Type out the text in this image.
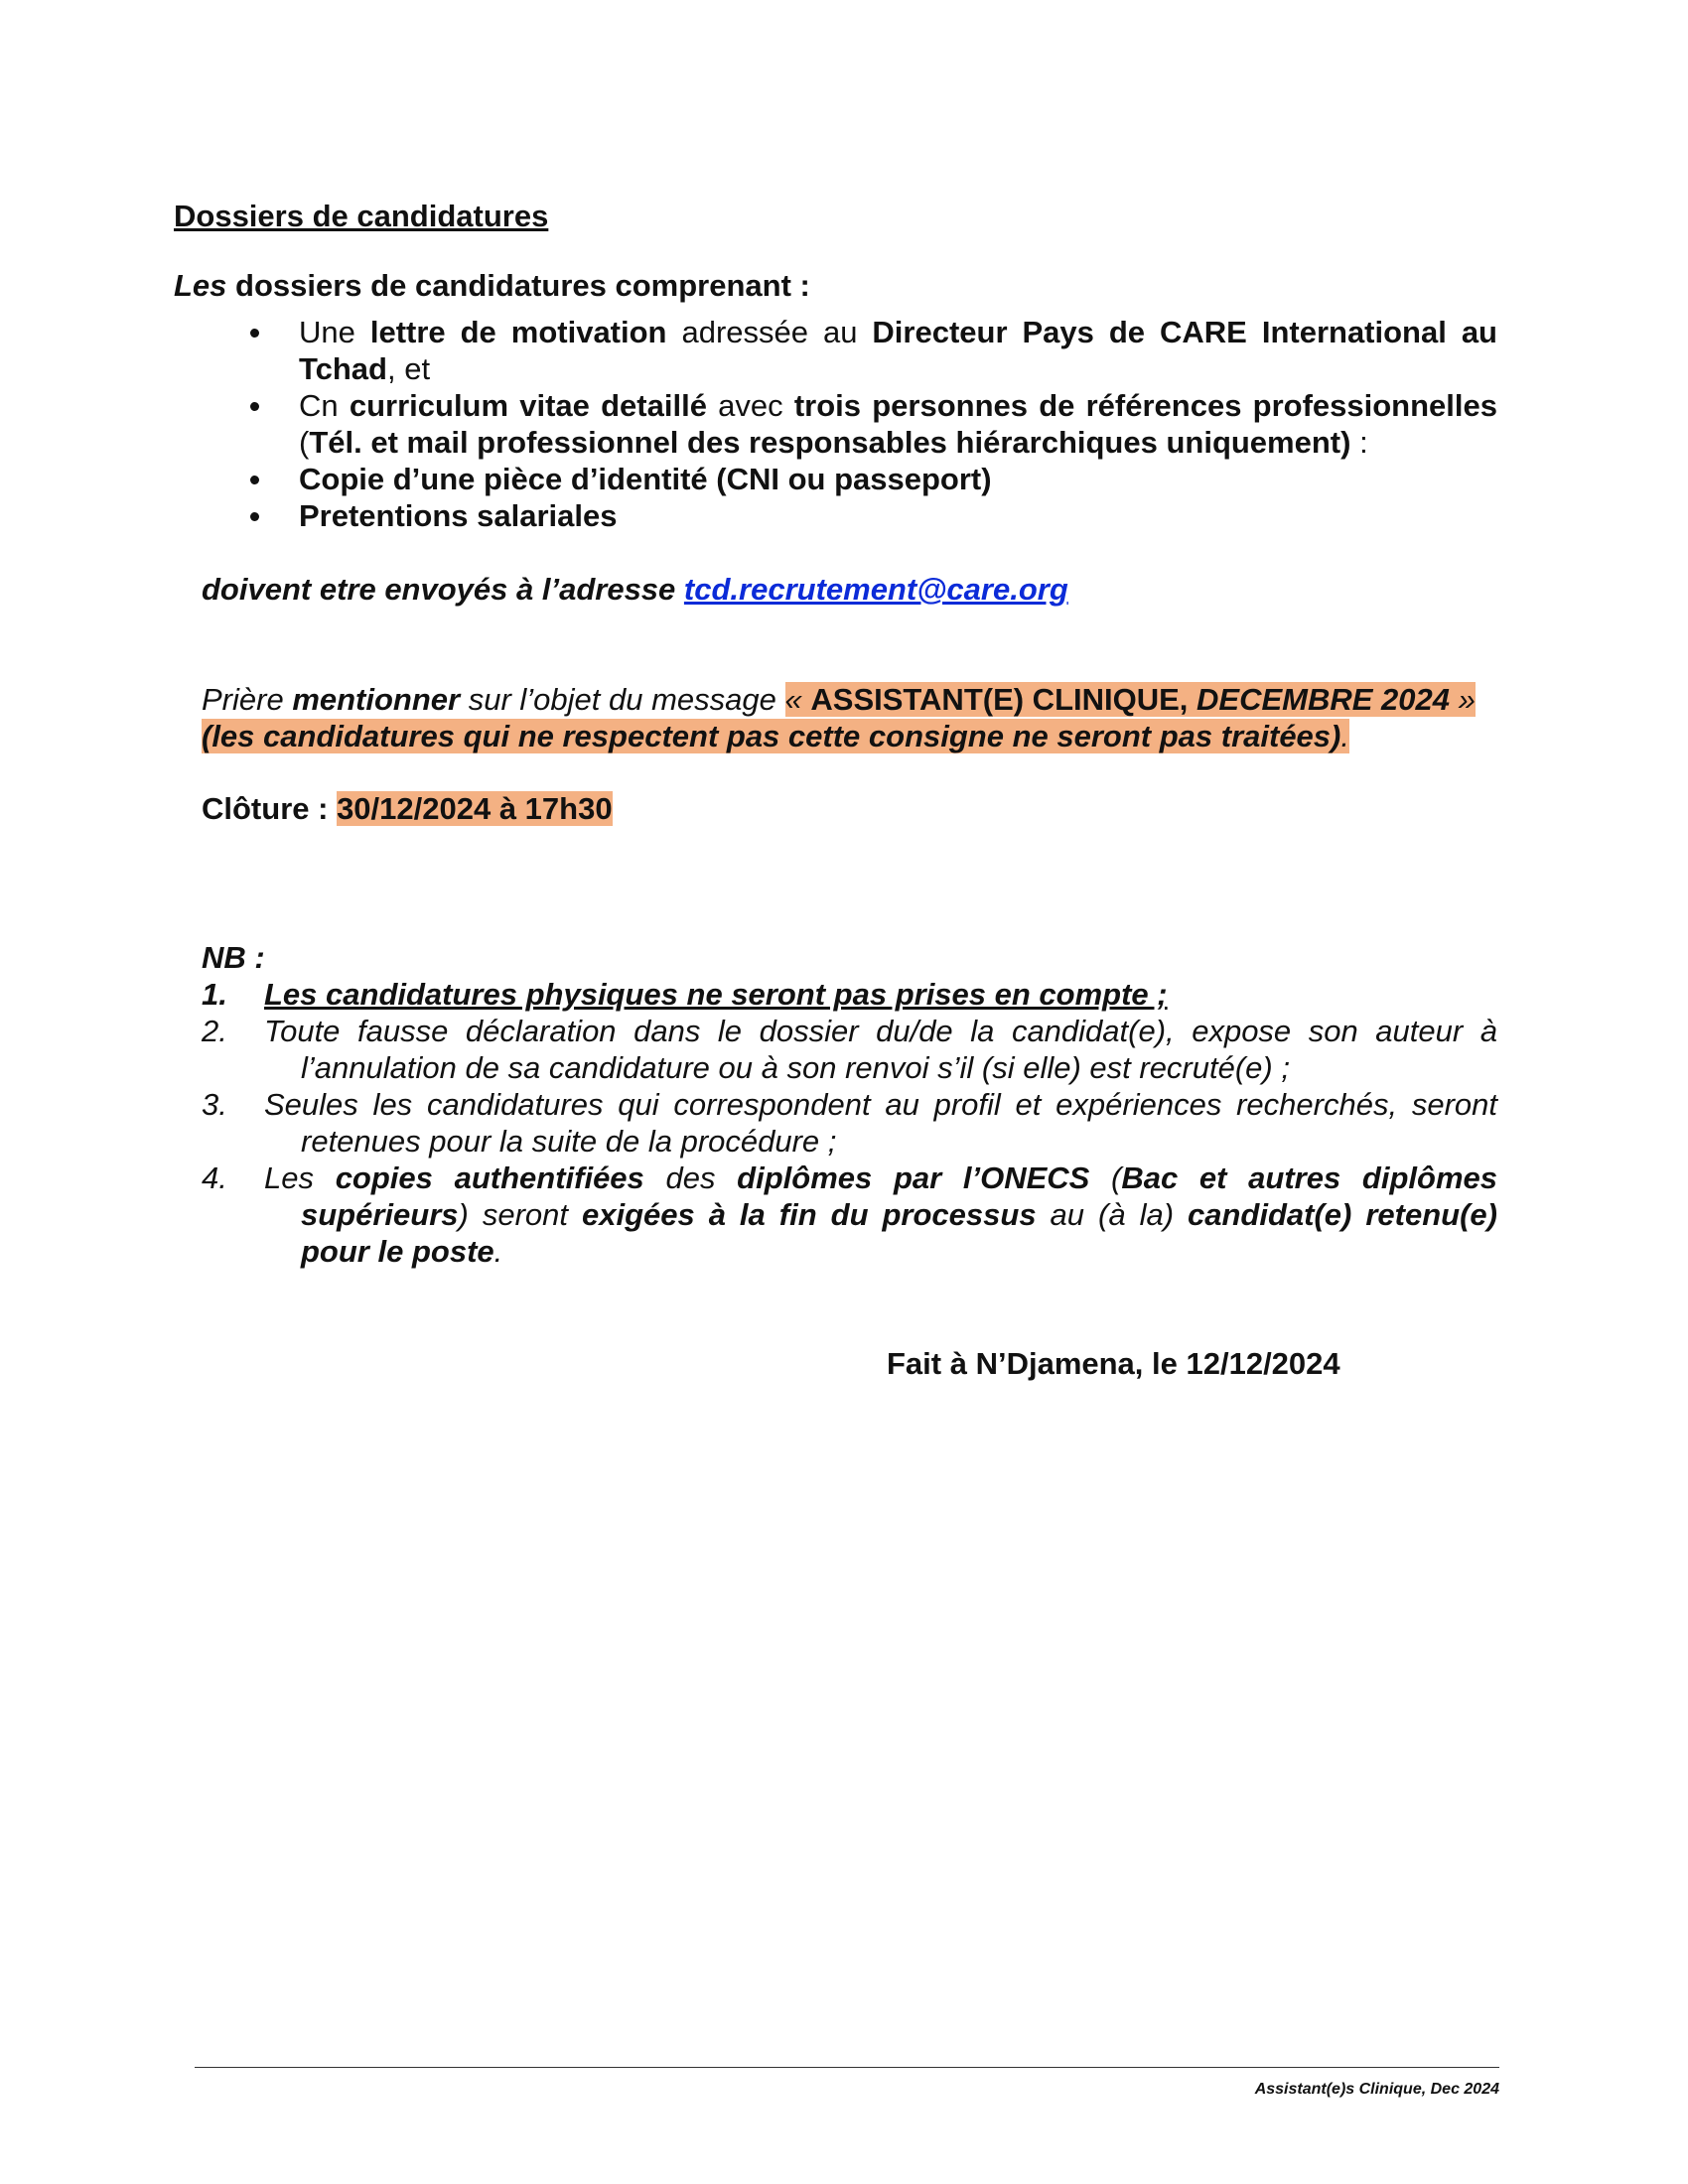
Dossiers de candidatures
Les dossiers de candidatures comprenant :
Une lettre de motivation adressée au Directeur Pays de CARE International au Tchad, et
Cn curriculum vitae detaillé avec trois personnes de références professionnelles (Tél. et mail professionnel des responsables hiérarchiques uniquement) :
Copie d’une pièce d’identité (CNI ou passeport)
Pretentions salariales
doivent etre envoyés à l’adresse tcd.recrutement@care.org
Prière mentionner sur l’objet du message « ASSISTANT(E) CLINIQUE, DECEMBRE 2024 »
(les candidatures qui ne respectent pas cette consigne ne seront pas traitées).
Clôture : 30/12/2024 à 17h30
NB :
1.	Les candidatures physiques ne seront pas prises en compte ;
2.	Toute fausse déclaration dans le dossier du/de la candidat(e), expose son auteur à l’annulation de sa candidature ou à son renvoi s’il (si elle) est recruté(e) ;
3.	Seules les candidatures qui correspondent au profil et expériences recherchés, seront retenues pour la suite de la procédure ;
4.	Les copies authentifiées des diplômes par l’ONECS (Bac et autres diplômes supérieurs) seront exigées à la fin du processus au (à la) candidat(e) retenu(e) pour le poste.
Fait à N’Djamena, le 12/12/2024
Assistant(e)s Clinique, Dec 2024
